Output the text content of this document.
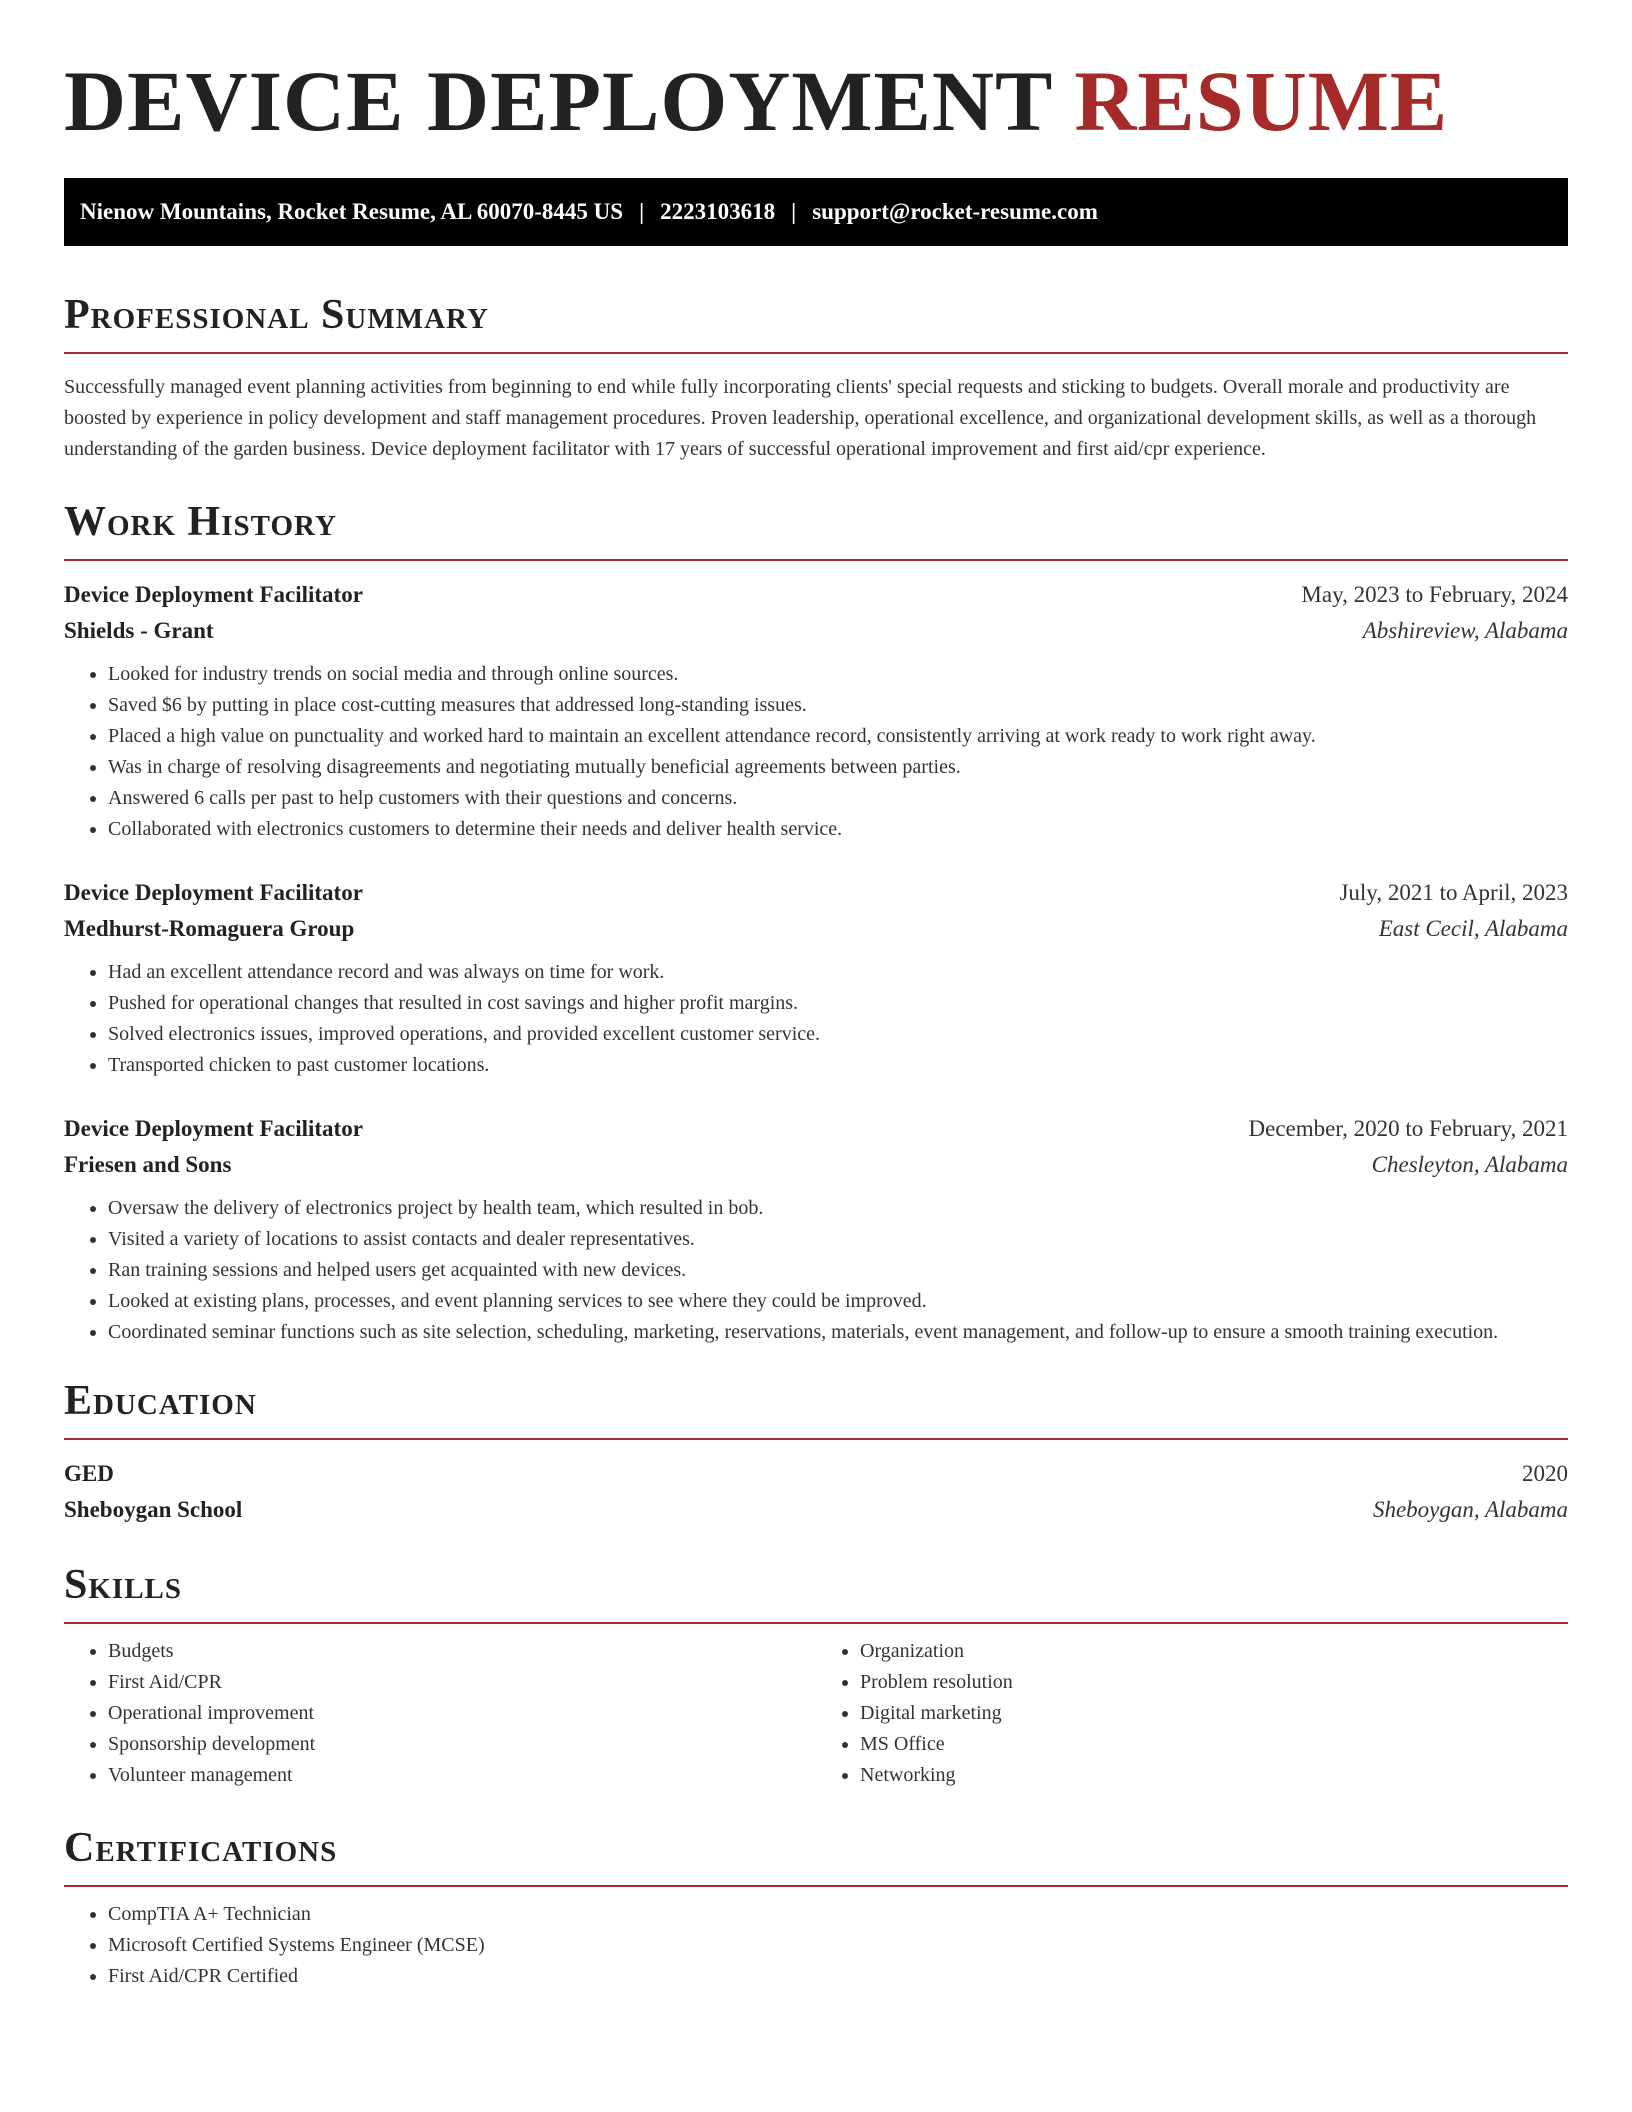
DEVICE DEPLOYMENT RESUME
Nienow Mountains, Rocket Resume, AL 60070-8445 US | 2223103618 | support@rocket-resume.com
Professional Summary

Successfully managed event planning activities from beginning to end while fully incorporating clients' special requests and sticking to budgets. Overall morale and productivity are boosted by experience in policy development and staff management procedures. Proven leadership, operational excellence, and organizational development skills, as well as a thorough understanding of the garden business. Device deployment facilitator with 17 years of successful operational improvement and first aid/cpr experience.

Work History
Device Deployment Facilitator	May, 2023 to February, 2024
Shields - Grant	Abshireview, Alabama
• Looked for industry trends on social media and through online sources.
• Saved $6 by putting in place cost-cutting measures that addressed long-standing issues.
• Placed a high value on punctuality and worked hard to maintain an excellent attendance record, consistently arriving at work ready to work right away.
• Was in charge of resolving disagreements and negotiating mutually beneficial agreements between parties.
• Answered 6 calls per past to help customers with their questions and concerns.
• Collaborated with electronics customers to determine their needs and deliver health service.
Device Deployment Facilitator	July, 2021 to April, 2023
Medhurst-Romaguera Group	East Cecil, Alabama
• Had an excellent attendance record and was always on time for work.
• Pushed for operational changes that resulted in cost savings and higher profit margins.
• Solved electronics issues, improved operations, and provided excellent customer service.
• Transported chicken to past customer locations.
Device Deployment Facilitator	December, 2020 to February, 2021
Friesen and Sons	Chesleyton, Alabama
• Oversaw the delivery of electronics project by health team, which resulted in bob.
• Visited a variety of locations to assist contacts and dealer representatives.
• Ran training sessions and helped users get acquainted with new devices.
• Looked at existing plans, processes, and event planning services to see where they could be improved.
• Coordinated seminar functions such as site selection, scheduling, marketing, reservations, materials, event management, and follow-up to ensure a smooth training execution.
Education
GED	2020
Sheboygan School	Sheboygan, Alabama
Skills
• Budgets
• First Aid/CPR
• Operational improvement
• Sponsorship development
• Volunteer management
• Organization
• Problem resolution
• Digital marketing
• MS Office
• Networking
Certifications
• CompTIA A+ Technician
• Microsoft Certified Systems Engineer (MCSE)
• First Aid/CPR Certified
